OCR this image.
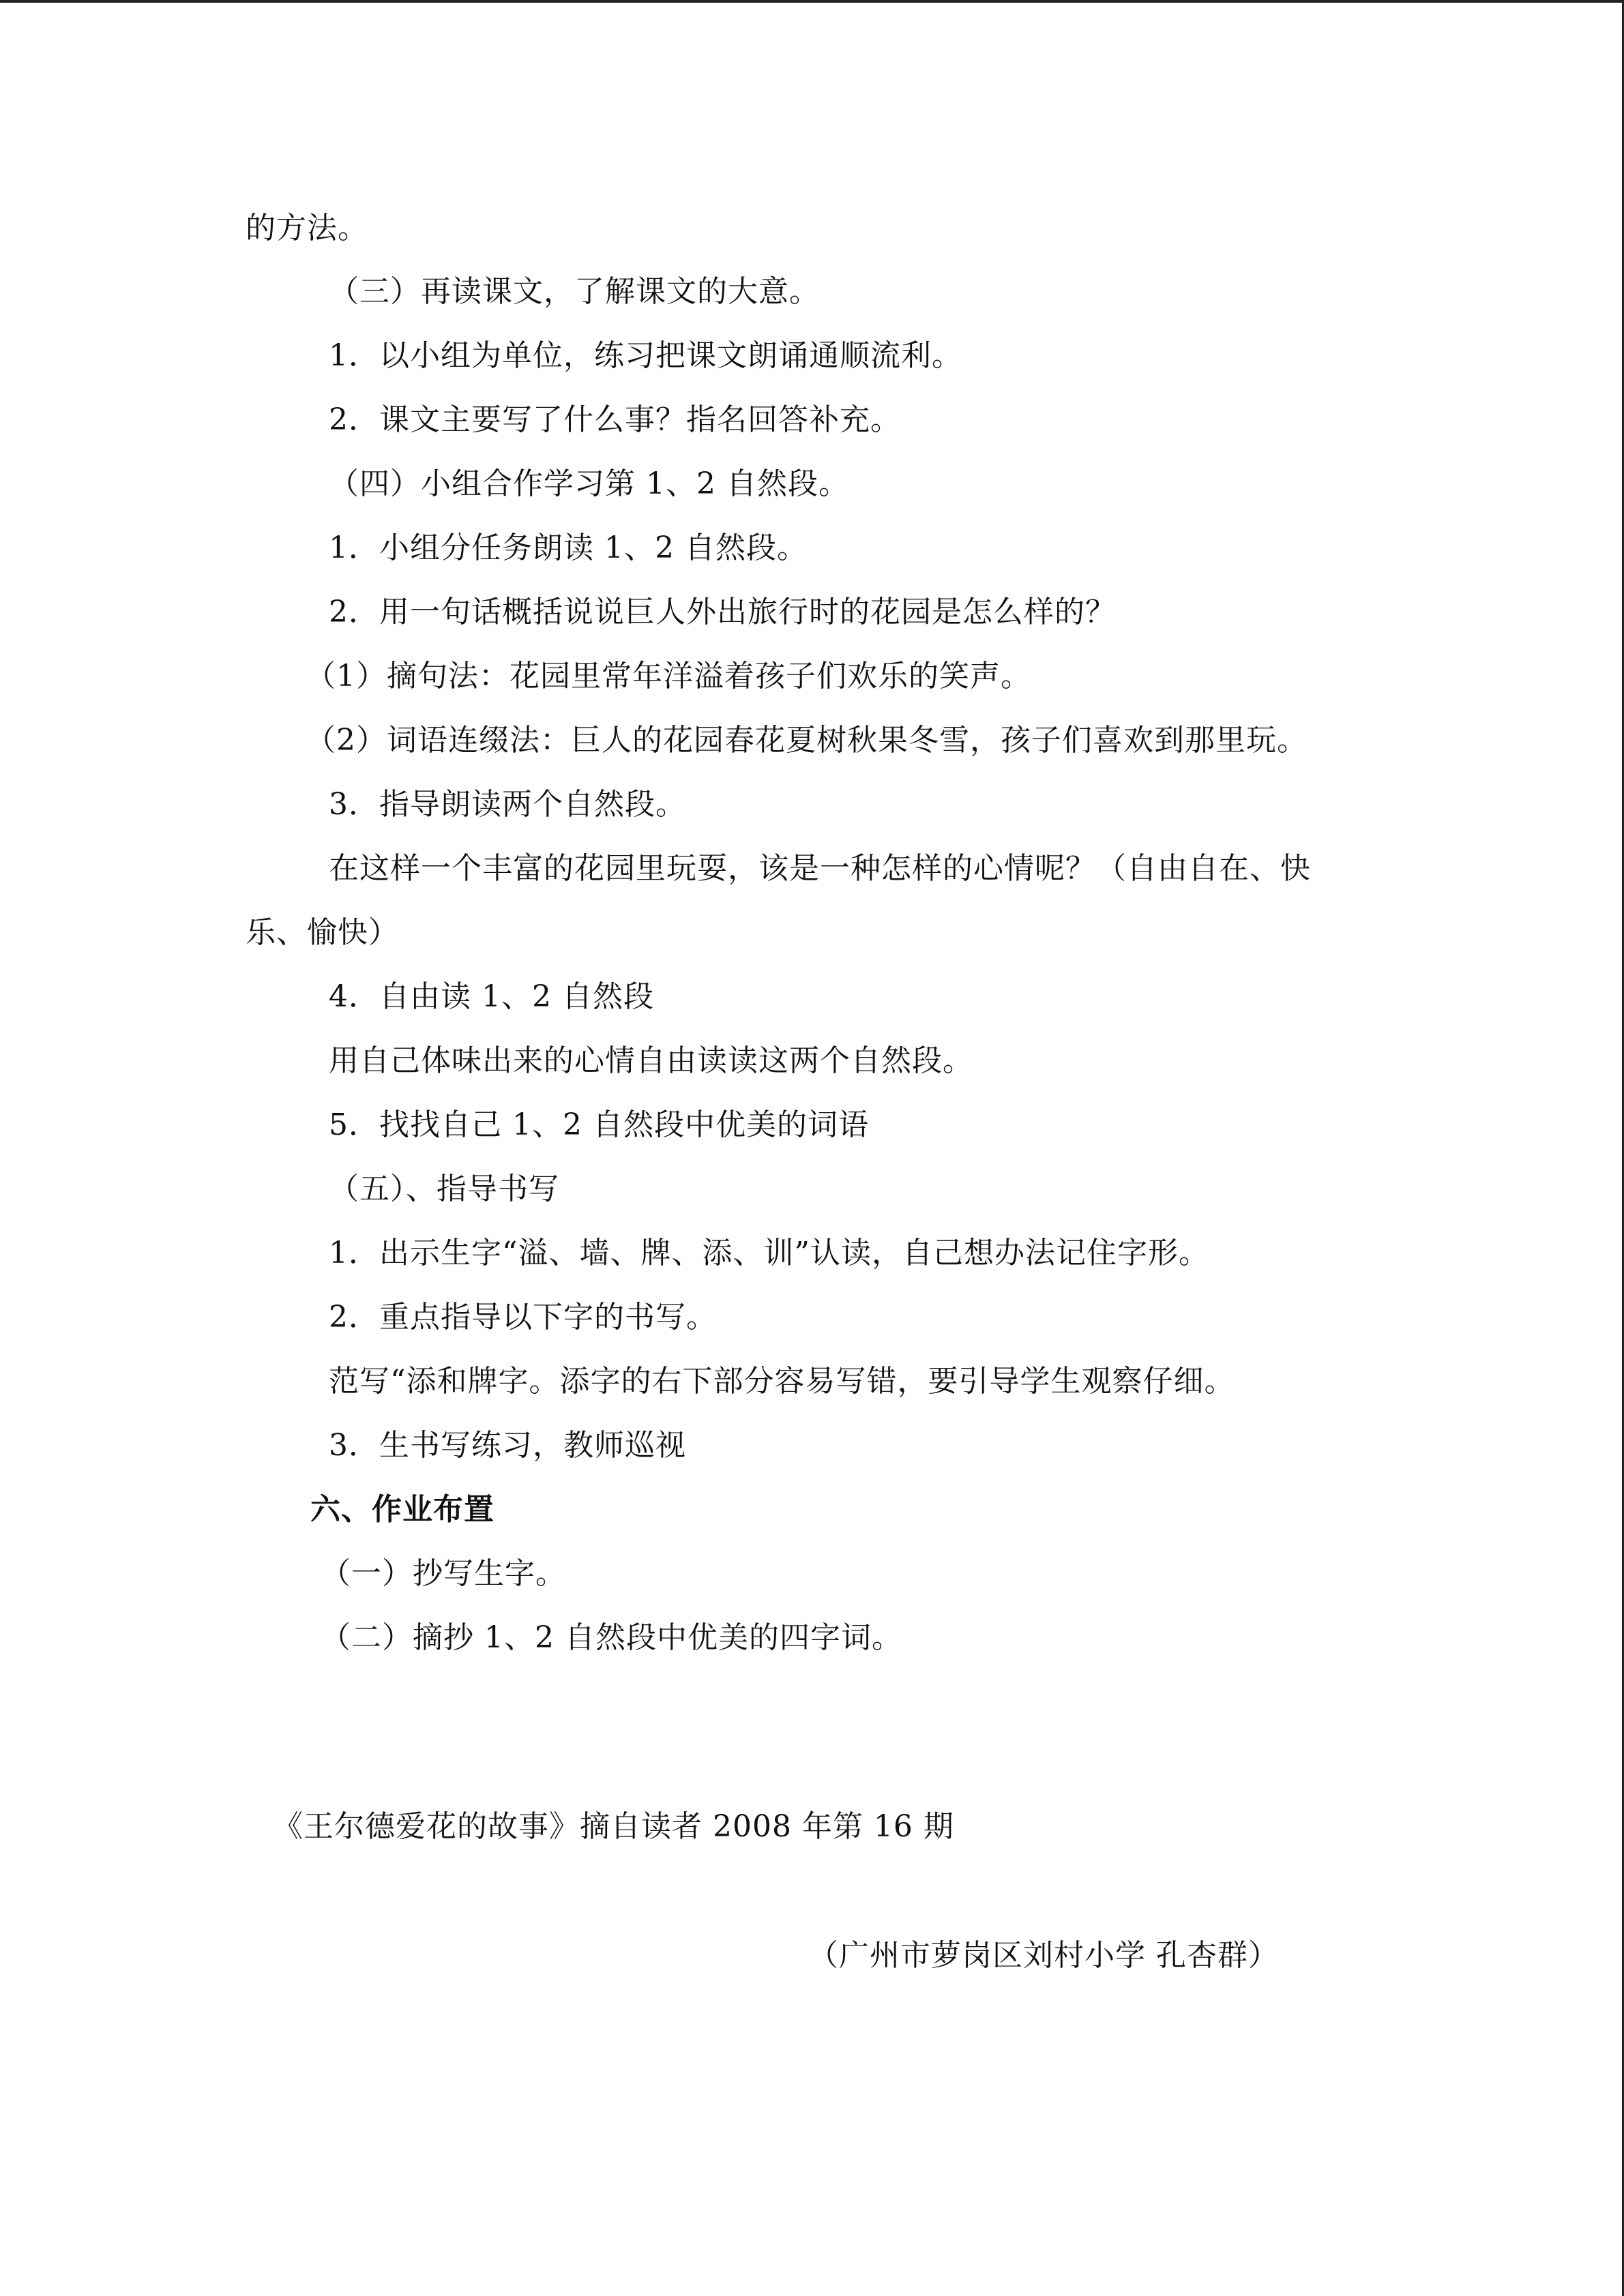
的方法。
（三）再读课文，了解课文的大意。
1．以小组为单位，练习把课文朗诵通顺流利。
2．课文主要写了什么事？指名回答补充。
（四）小组合作学习第 1、2 自然段。
1．小组分任务朗读 1、2 自然段。
2．用一句话概括说说巨人外出旅行时的花园是怎么样的？
（1）摘句法：花园里常年洋溢着孩子们欢乐的笑声。
（2）词语连缀法：巨人的花园春花夏树秋果冬雪，孩子们喜欢到那里玩。
3．指导朗读两个自然段。
在这样一个丰富的花园里玩耍，该是一种怎样的心情呢？（自由自在、快
乐、愉快）
4．自由读 1、2 自然段
用自己体味出来的心情自由读读这两个自然段。
5．找找自己 1、2 自然段中优美的词语
（五）、指导书写
1．出示生字“溢、墙、牌、添、训”认读，自己想办法记住字形。
2．重点指导以下字的书写。
范写“添和牌字。添字的右下部分容易写错，要引导学生观察仔细。
3．生书写练习，教师巡视
六、作业布置
（一）抄写生字。
（二）摘抄 1、2 自然段中优美的四字词。
《王尔德爱花的故事》摘自读者 2008 年第 16 期
（广州市萝岗区刘村小学 孔杏群）
